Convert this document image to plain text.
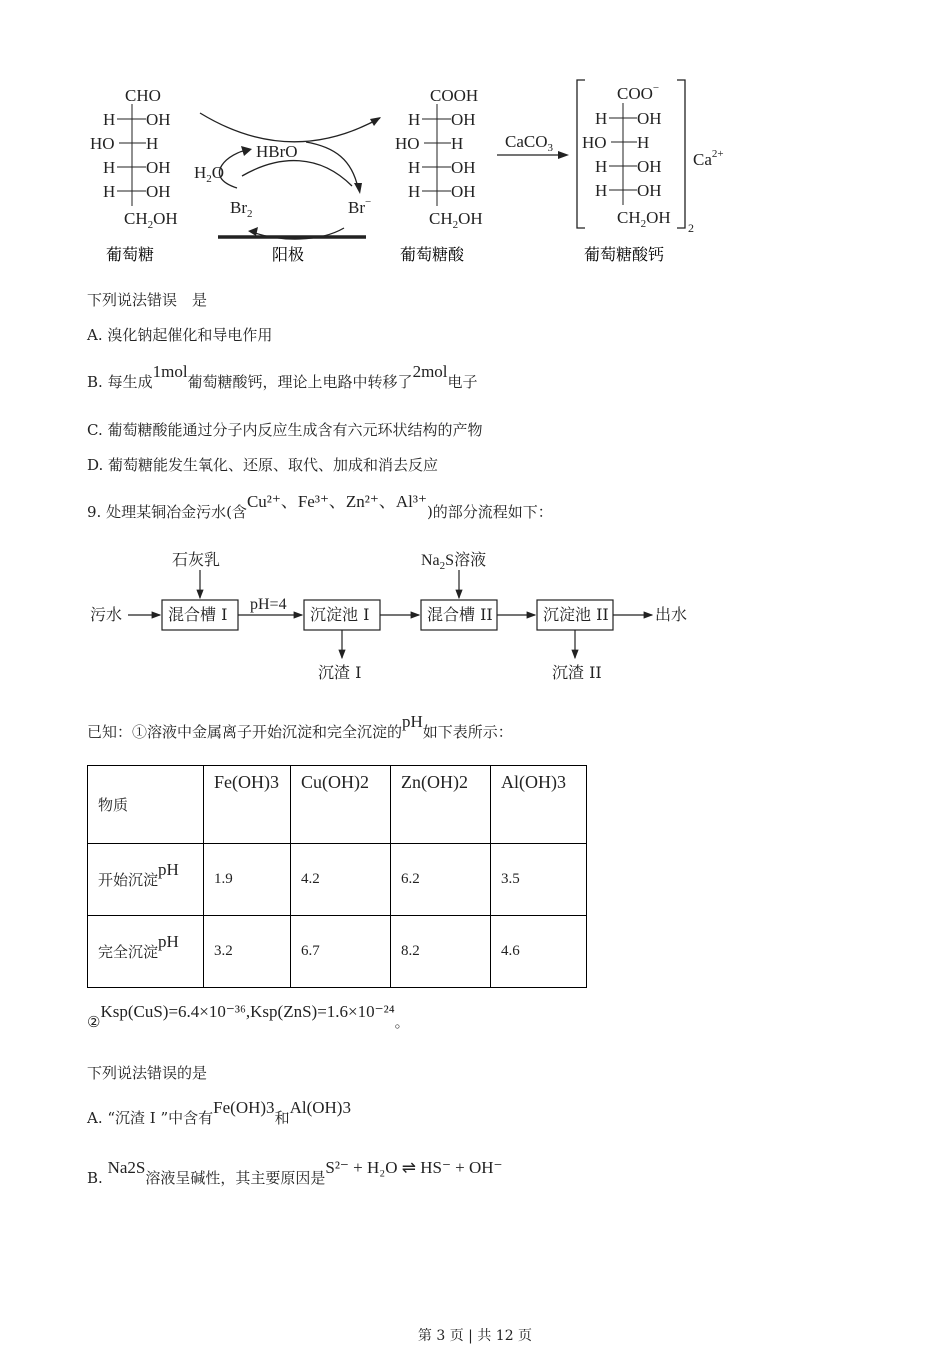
CHO
H OH
HO H
H OH
H OH
$CH_2OH$
葡萄糖
HBrO
$H_2O$
$Br_2$	Br−
阳极
COOH
H OH
HO H
H OH
H OH
$CH_2OH$
葡萄糖酸
CaCO$_3$
COO−
H OH
HO H
H OH
H OH
$CH_2OH$
2
$Ca^{2+}$
葡萄糖酸钙
下列说法错误　是
A. 溴化钠起催化和导电作用
B. 每生成1mol葡萄糖酸钙，理论上电路中转移了2mol电子
C. 葡萄糖酸能通过分子内反应生成含有六元环状结构的产物
D. 葡萄糖能发生氧化、还原、取代、加成和消去反应
9. 处理某铜冶金污水(含Cu²⁺、Fe³⁺、Zn²⁺、Al³⁺)的部分流程如下：
污水
石灰乳
混合槽 I
pH=4
沉淀池 I
$Na_2S$溶液
混合槽 II	沉淀池 II	出水
沉渣 I	沉渣 II
已知：①溶液中金属离子开始沉淀和完全沉淀的pH如下表所示：
物质	Fe(OH)3	Cu(OH)2	Zn(OH)2	Al(OH)3
开始沉淀pH	1.9	4.2	6.2	3.5
完全沉淀pH	3.2	6.7	8.2	4.6
②Ksp(CuS)=6.4×10⁻³⁶,Ksp(ZnS)=1.6×10⁻²⁴。
下列说法错误的是
A. “沉渣 I ”中含有Fe(OH)3和Al(OH)3
B. Na2S溶液呈碱性，其主要原因是S²⁻ + H₂O ⇌ HS⁻ + OH⁻
第 3 页 | 共 12 页
